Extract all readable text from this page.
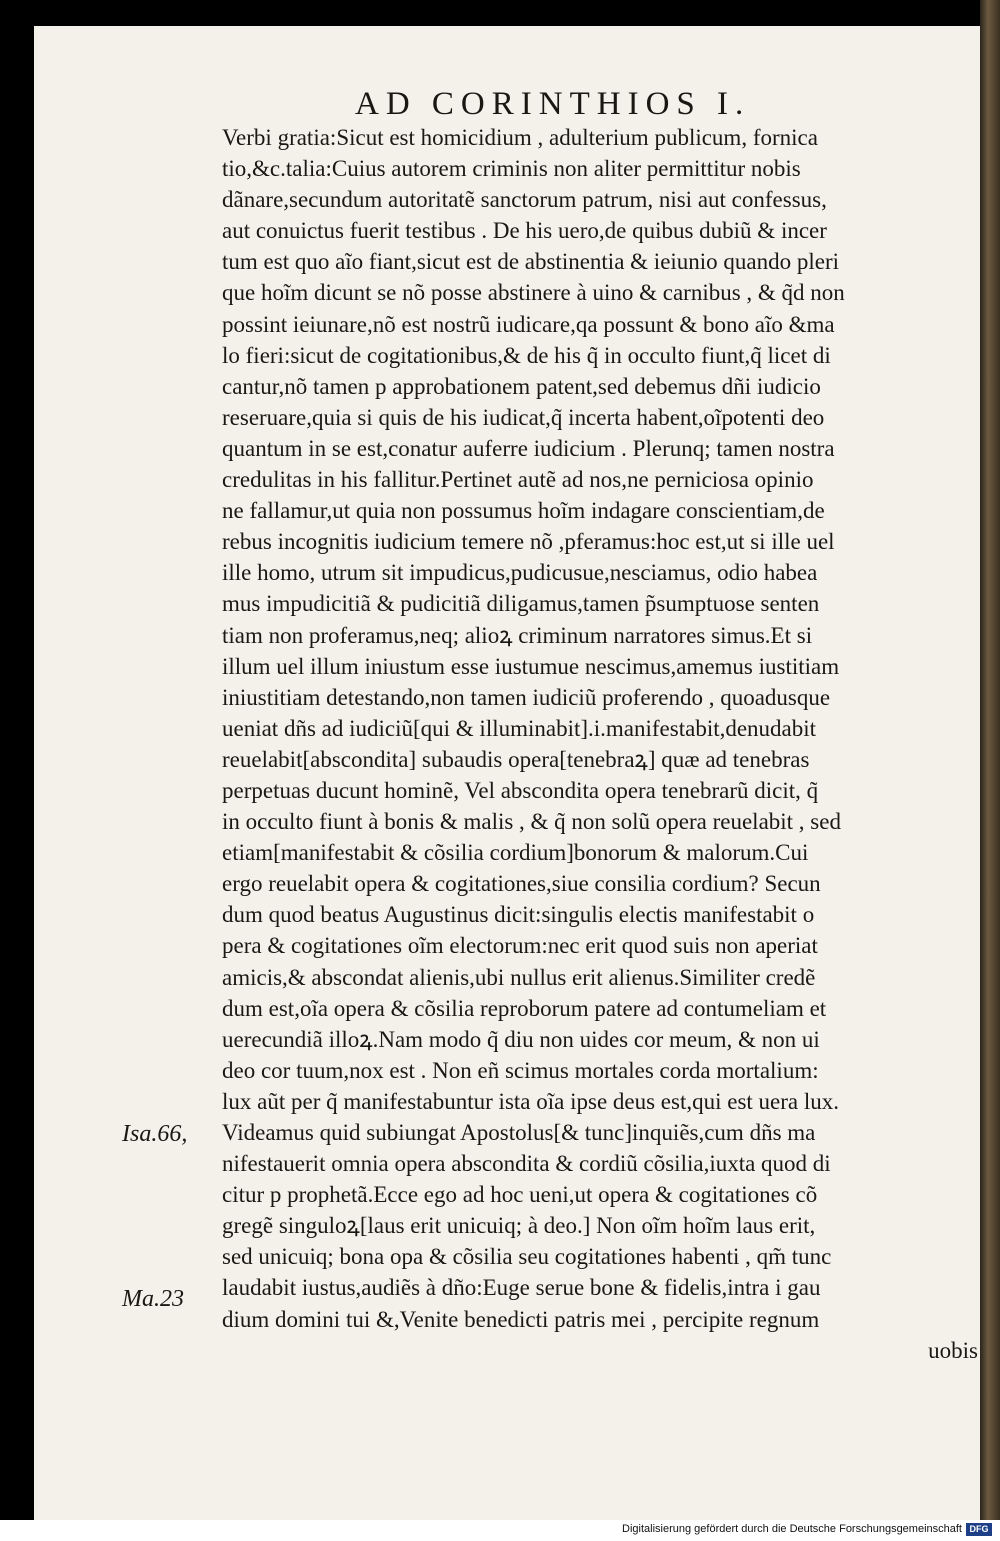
AD CORINTHIOS I.
Verbi gratia:Sicut est homicidium , adulterium publicum, fornica
tio,&c.talia:Cuius autorem criminis non aliter permittitur nobis
dãnare,secundum autoritatẽ sanctorum patrum, nisi aut confessus,
aut conuictus fuerit testibus . De his uero,de quibus dubiũ & incer
tum est quo aĩo fiant,sicut est de abstinentia & ieiunio quando pleri
que hoĩm dicunt se nõ posse abstinere à uino & carnibus , & q̃d non
possint ieiunare,nõ est nostrũ iudicare,qa possunt & bono aĩo &ma
lo fieri:sicut de cogitationibus,& de his q̃ in occulto fiunt,q̃ licet di
cantur,nõ tamen p approbationem patent,sed debemus dñi iudicio
reseruare,quia si quis de his iudicat,q̃ incerta habent,oĩpotenti deo
quantum in se est,conatur auferre iudicium . Plerunq; tamen nostra
credulitas in his fallitur.Pertinet autẽ ad nos,ne perniciosa opinio
ne fallamur,ut quia non possumus hoĩm indagare conscientiam,de
rebus incognitis iudicium temere nõ ,pferamus:hoc est,ut si ille uel
ille homo, utrum sit impudicus,pudicusue,nesciamus, odio habea
mus impudicitiã & pudicitiã diligamus,tamen p̃sumptuose senten
tiam non proferamus,neq; alioꝝ criminum narratores simus.Et si
illum uel illum iniustum esse iustumue nescimus,amemus iustitiam
iniustitiam detestando,non tamen iudiciũ proferendo , quoadusque
ueniat dñs ad iudiciũ[qui & illuminabit].i.manifestabit,denudabit
reuelabit[abscondita] subaudis opera[tenebraꝝ] quæ ad tenebras
perpetuas ducunt hominẽ, Vel abscondita opera tenebrarũ dicit, q̃
in occulto fiunt à bonis & malis , & q̃ non solũ opera reuelabit , sed
etiam[manifestabit & cõsilia cordium]bonorum & malorum.Cui
ergo reuelabit opera & cogitationes,siue consilia cordium? Secun
dum quod beatus Augustinus dicit:singulis electis manifestabit o
pera & cogitationes oĩm electorum:nec erit quod suis non aperiat
amicis,& abscondat alienis,ubi nullus erit alienus.Similiter credẽ
dum est,oĩa opera & cõsilia reproborum patere ad contumeliam et
uerecundiã illoꝝ.Nam modo q̃ diu non uides cor meum, & non ui
deo cor tuum,nox est . Non eñ scimus mortales corda mortalium:
lux aũt per q̃ manifestabuntur ista oĩa ipse deus est,qui est uera lux.
Videamus quid subiungat Apostolus[& tunc]inquiẽs,cum dñs ma
nifestauerit omnia opera abscondita & cordiũ cõsilia,iuxta quod di
citur p prophetã.Ecce ego ad hoc ueni,ut opera & cogitationes cõ
gregẽ singuloꝝ[laus erit unicuiq; à deo.] Non oĩm hoĩm laus erit,
sed unicuiq; bona opa & cõsilia seu cogitationes habenti , qm̃ tunc
laudabit iustus,audiẽs à dño:Euge serue bone & fidelis,intra i gau
dium domini tui &,Venite benedicti patris mei , percipite regnum
uobis
Isa.66,
Ma.23
Digitalisierung gefördert durch die Deutsche Forschungsgemeinschaft DFG
